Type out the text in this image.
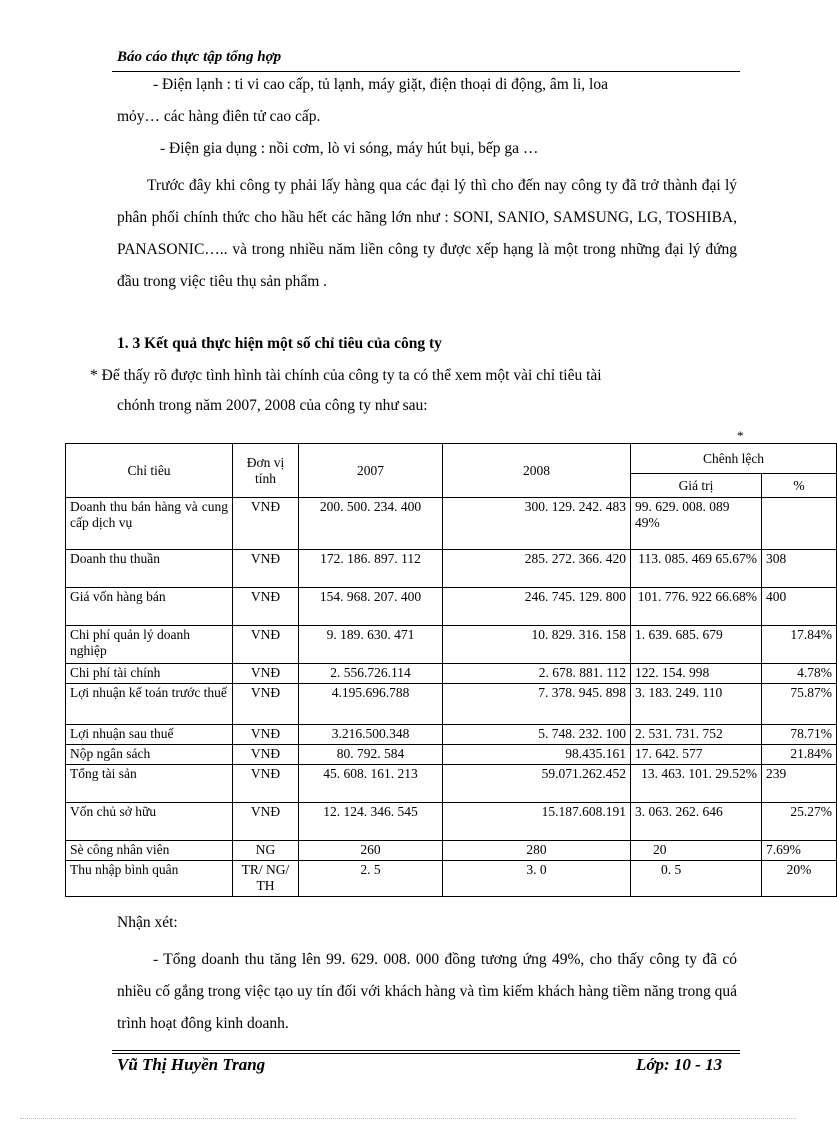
Báo cáo thực tập tổng hợp
- Điện lạnh : ti vi cao cấp, tủ lạnh, máy giặt, điện thoại di động, âm li, loa
mỏy… các hàng điên tử cao cấp.
- Điện gia dụng : nồi cơm, lò vi sóng, máy hút bụi, bếp ga …
Trước đây khi công ty phải lấy hàng qua các đại lý thì cho đến nay công ty đã trở thành đại lý phân phối chính thức cho hầu hết các hãng lớn như : SONI, SANIO, SAMSUNG, LG, TOSHIBA, PANASONIC….. và trong nhiều năm liền công ty được xếp hạng là một trong những đại lý đứng đầu trong việc tiêu thụ sản phẩm .
1. 3 Kết quả thực hiện một số chỉ tiêu của công ty
* Để thấy rõ được tình hình tài chính của công ty ta có thể xem một vài chỉ tiêu tài
chónh trong năm 2007, 2008 của công ty như sau:
*
Chỉ tiêu	Đơn vị tính	2007	2008	Chênh lệch	
				Giá trị	%
Doanh thu bán hàng và cung cấp dịch vụ	VNĐ	200. 500. 234. 400	300. 129. 242. 483	99. 629. 008. 089 49%	
Doanh thu thuần	VNĐ	172. 186. 897. 112	285. 272. 366. 420	113. 085. 469 65.67%	308
Giá vốn hàng bán	VNĐ	154. 968. 207. 400	246. 745. 129. 800	101. 776. 922 66.68%	400
Chi phí quản lý doanh nghiệp	VNĐ	9. 189. 630. 471	10. 829. 316. 158	1. 639. 685. 679	17.84%
Chi phí tài chính	VNĐ	2. 556.726.114	2. 678. 881. 112	122. 154. 998	4.78%
Lợi nhuận kế toán trước thuế	VNĐ	4.195.696.788	7. 378. 945. 898	3. 183. 249. 110	75.87%
Lợi nhuận sau thuế	VNĐ	3.216.500.348	5. 748. 232. 100	2. 531. 731. 752	78.71%
Nộp ngân sách	VNĐ	80. 792. 584	98.435.161	17. 642. 577	21.84%
Tổng tài sản	VNĐ	45. 608. 161. 213	59.071.262.452	13. 463. 101. 29.52%	239
Vốn chủ sở hữu	VNĐ	12. 124. 346. 545	15.187.608.191	3. 063. 262. 646	25.27%
Sè công nhân viên	NG	260	280	20	7.69%
Thu nhập bình quân	TR/ NG/ TH	2. 5	3. 0	0. 5	20%
Nhận xét:
- Tổng doanh thu tăng lên 99. 629. 008. 000 đồng tương ứng 49%, cho thấy công ty đã có nhiều cố gắng trong việc tạo uy tín đối với khách hàng và tìm kiếm khách hàng tiềm năng trong quá trình hoạt đông kinh doanh.
Vũ Thị Huyền Trang	Lớp: 10 - 13
